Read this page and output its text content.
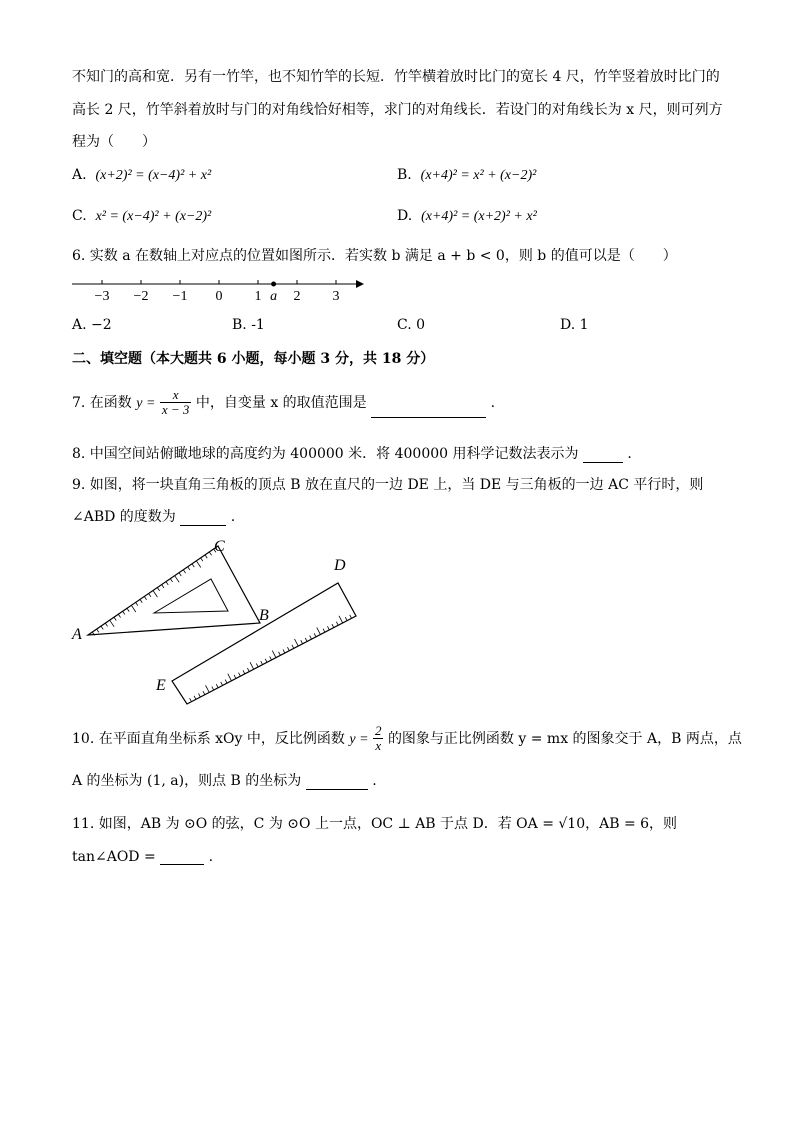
不知门的高和宽．另有一竹竿，也不知竹竿的长短．竹竿横着放时比门的宽长 4 尺，竹竿竖着放时比门的
高长 2 尺，竹竿斜着放时与门的对角线恰好相等，求门的对角线长．若设门的对角线长为 x 尺，则可列方
程为（　　）
A. (x+2)² = (x−4)² + x²	B. (x+4)² = x² + (x−2)²
C. x² = (x−4)² + (x−2)²	D. (x+4)² = (x+2)² + x²
6. 实数 a 在数轴上对应点的位置如图所示．若实数 b 满足 a + b < 0，则 b 的值可以是（　　）
−3 −2 −1 0 1 2 3
a
A. −2	B. -1	C. 0	D. 1
二、填空题（本大题共 6 小题，每小题 3 分，共 18 分）
7. 在函数 $y = \frac{x}{x - 3}$ 中，自变量 x 的取值范围是	.
8. 中国空间站俯瞰地球的高度约为 400000 米．将 400000 用科学记数法表示为	.
9. 如图，将一块直角三角板的顶点 B 放在直尺的一边 DE 上，当 DE 与三角板的一边 AC 平行时，则
∠ABD 的度数为	.
A
B
C
D
E
10. 在平面直角坐标系 xOy 中，反比例函数 $y = \frac{2}{x}$ 的图象与正比例函数 y = mx 的图象交于 A，B 两点，点
A 的坐标为 (1, a)，则点 B 的坐标为	.
11. 如图，AB 为 ⊙O 的弦，C 为 ⊙O 上一点，OC ⊥ AB 于点 D．若 OA = √10，AB = 6，则
tan∠AOD =	.
